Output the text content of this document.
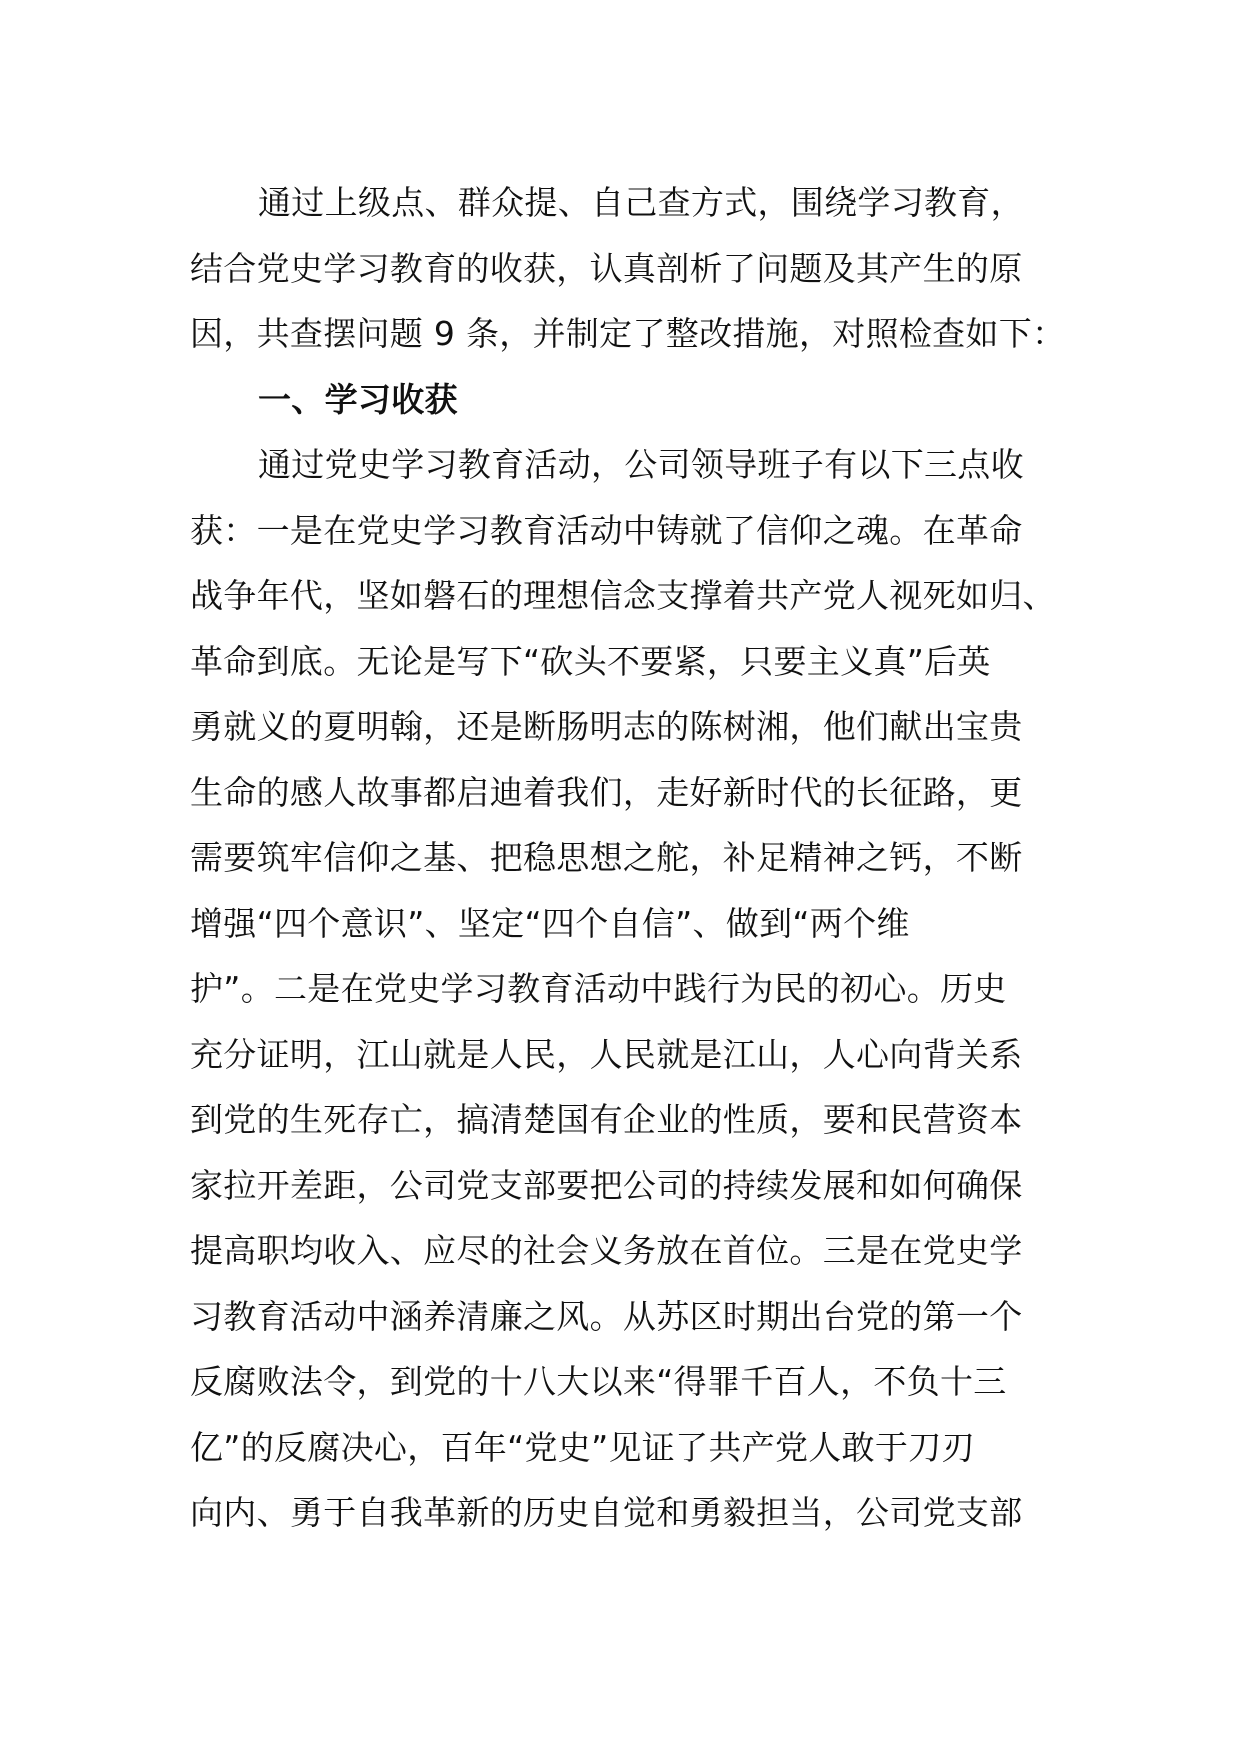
通过上级点、群众提、自己查方式，围绕学习教育，
结合党史学习教育的收获，认真剖析了问题及其产生的原
因，共查摆问题 9 条，并制定了整改措施，对照检查如下：
一、学习收获
通过党史学习教育活动，公司领导班子有以下三点收
获：一是在党史学习教育活动中铸就了信仰之魂。在革命
战争年代，坚如磐石的理想信念支撑着共产党人视死如归、
革命到底。无论是写下“砍头不要紧，只要主义真”后英
勇就义的夏明翰，还是断肠明志的陈树湘，他们献出宝贵
生命的感人故事都启迪着我们，走好新时代的长征路，更
需要筑牢信仰之基、把稳思想之舵，补足精神之钙，不断
增强“四个意识”、坚定“四个自信”、做到“两个维
护”。二是在党史学习教育活动中践行为民的初心。历史
充分证明，江山就是人民，人民就是江山，人心向背关系
到党的生死存亡，搞清楚国有企业的性质，要和民营资本
家拉开差距，公司党支部要把公司的持续发展和如何确保
提高职均收入、应尽的社会义务放在首位。三是在党史学
习教育活动中涵养清廉之风。从苏区时期出台党的第一个
反腐败法令，到党的十八大以来“得罪千百人，不负十三
亿”的反腐决心，百年“党史”见证了共产党人敢于刀刃
向内、勇于自我革新的历史自觉和勇毅担当，公司党支部
